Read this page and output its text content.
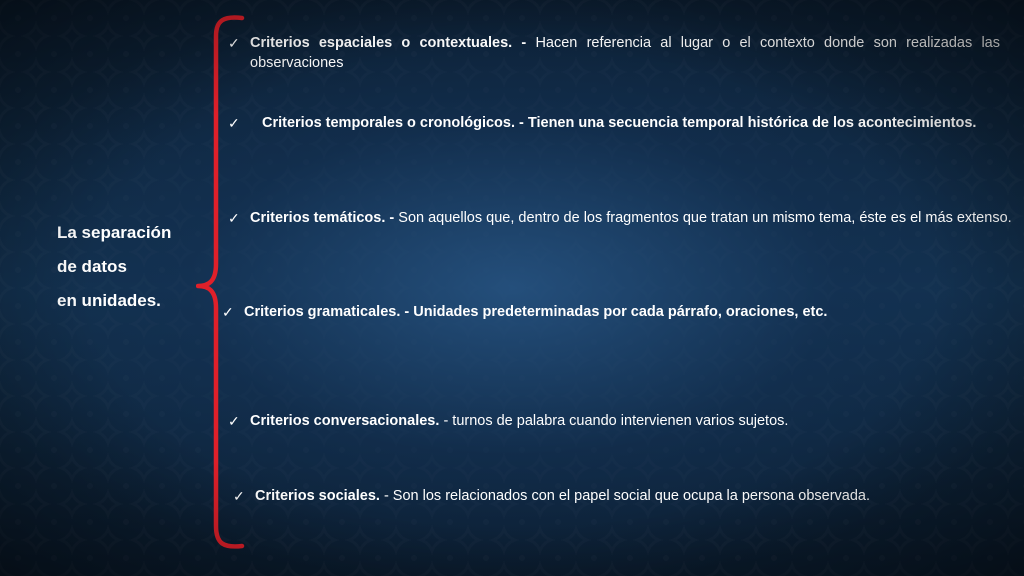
La separación
de datos
en unidades.
✓ Criterios espaciales o contextuales. - Hacen referencia al lugar o el contexto donde son realizadas las observaciones
✓	Criterios temporales o cronológicos. - Tienen una secuencia temporal histórica de los acontecimientos.
✓ Criterios temáticos. - Son aquellos que, dentro de los fragmentos que tratan un mismo tema, éste es el más extenso.
✓ Criterios gramaticales. - Unidades predeterminadas por cada párrafo, oraciones, etc.
✓ Criterios conversacionales. - turnos de palabra cuando intervienen varios sujetos.
✓ Criterios sociales. - Son los relacionados con el papel social que ocupa la persona observada.
